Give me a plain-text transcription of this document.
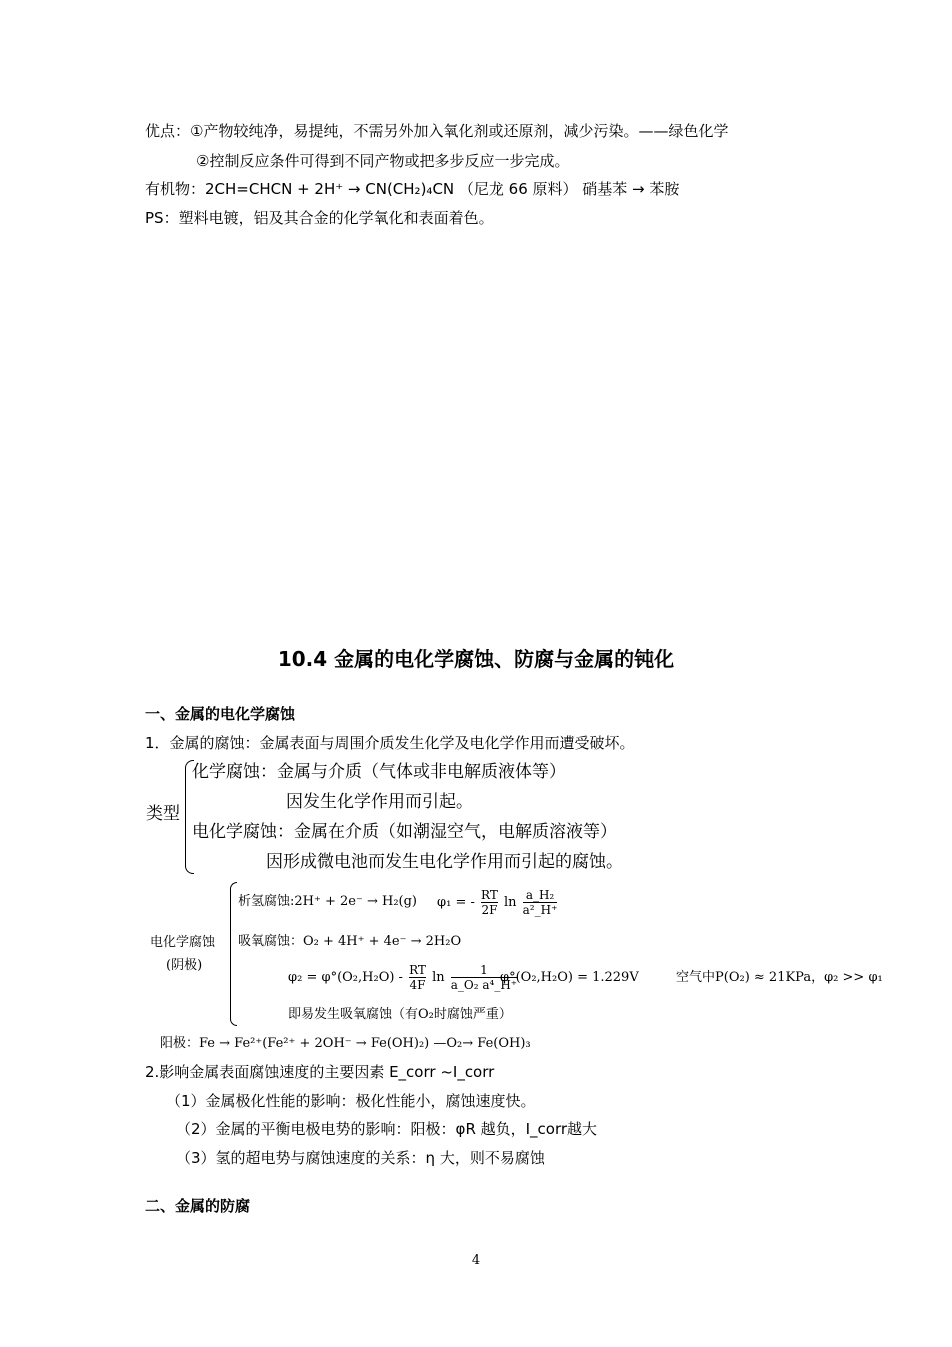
优点：①产物较纯净，易提纯，不需另外加入氧化剂或还原剂，减少污染。——绿色化学
②控制反应条件可得到不同产物或把多步反应一步完成。
有机物：2CH=CHCN + 2H⁺ → CN(CH₂)₄CN （尼龙 66 原料） 硝基苯 → 苯胺
PS：塑料电镀，铝及其合金的化学氧化和表面着色。
10.4 金属的电化学腐蚀、防腐与金属的钝化
一、金属的电化学腐蚀
1．金属的腐蚀：金属表面与周围介质发生化学及电化学作用而遭受破坏。
类型
化学腐蚀：金属与介质（气体或非电解质液体等）
因发生化学作用而引起。
电化学腐蚀：金属在介质（如潮湿空气，电解质溶液等）
因形成微电池而发生电化学作用而引起的腐蚀。
电化学腐蚀
(阴极)
析氢腐蚀:2H⁺ + 2e⁻ → H₂(g) φ₁ = - $\frac{RT}{2F}$ $\ln \frac{\text{a\_H₂}}{\text{a²\_H⁺}}$
吸氧腐蚀：O₂ + 4H⁺ + 4e⁻ → 2H₂O
$\varphi_2 = \varphi^\circ(O_2,H_2O) - \frac{RT}{4F}$ $\ln \frac{1}{\text{a\_O₂ a⁴\_H⁺}}$
φ°(O₂,H₂O) = 1.229V	空气中P(O₂) ≈ 21KPa，φ₂ >> φ₁
即易发生吸氧腐蚀（有O₂时腐蚀严重）
阳极：Fe → Fe²⁺(Fe²⁺ + 2OH⁻ → Fe(OH)₂) —O₂→ Fe(OH)₃
2.影响金属表面腐蚀速度的主要因素 E_corr ~I_corr
（1）金属极化性能的影响：极化性能小，腐蚀速度快。
（2）金属的平衡电极电势的影响：阳极：φR 越负，I_corr越大
（3）氢的超电势与腐蚀速度的关系：η 大，则不易腐蚀
二、金属的防腐
4
